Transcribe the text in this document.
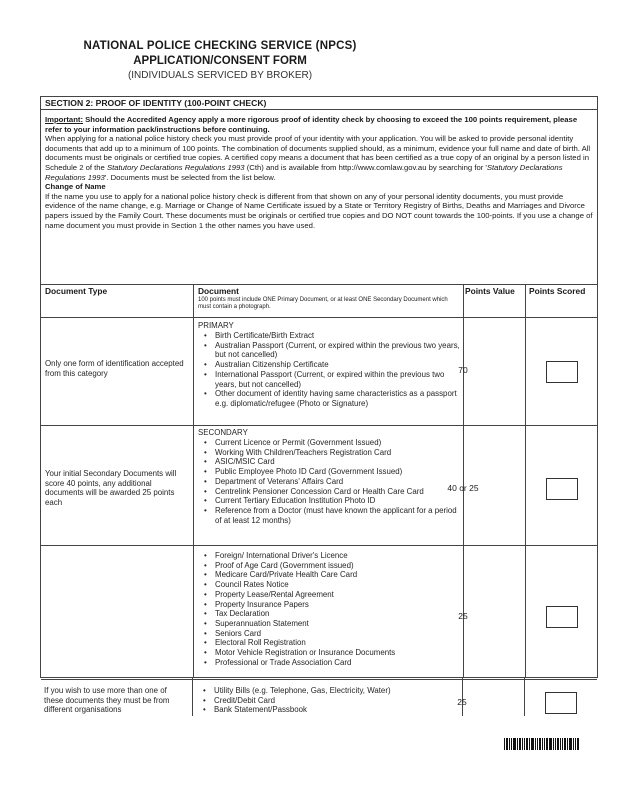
NATIONAL POLICE CHECKING SERVICE (NPCS)
APPLICATION/CONSENT FORM
(INDIVIDUALS SERVICED BY BROKER)
SECTION 2: PROOF OF IDENTITY (100-POINT CHECK)

Important: Should the Accredited Agency apply a more rigorous proof of identity check by choosing to exceed the 100 points requirement, please refer to your information pack/instructions before continuing.

When applying for a national police history check you must provide proof of your identity with your application. You will be asked to provide personal identity documents that add up to a minimum of 100 points. The combination of documents supplied should, as a minimum, evidence your full name and date of birth. All documents must be originals or certified true copies. A certified copy means a document that has been certified as a true copy of an original by a person listed in Schedule 2 of the Statutory Declarations Regulations 1993 (Cth) and is available from http://www.comlaw.gov.au by searching for 'Statutory Declarations Regulations 1993'. Documents must be selected from the list below.

Change of Name

If the name you use to apply for a national police history check is different from that shown on any of your personal identity documents, you must provide evidence of the name change, e.g. Marriage or Change of Name Certificate issued by a State or Territory Registry of Births, Deaths and Marriages and Divorce papers issued by the Family Court. These documents must be originals or certified true copies and DO NOT count towards the 100-points. If you use a change of name document you must provide in Section 1 the other names you have used.

Document Type	Document
100 points must include ONE Primary Document, or at least ONE Secondary Document which must contain a photograph.
Points Value Points Scored
Only one form of identification accepted from this category
PRIMARY
• Birth Certificate/Birth Extract
• Australian Passport (Current, or expired within the previous two years, but not cancelled)
• Australian Citizenship Certificate
• International Passport (Current, or expired within the previous two years, but not cancelled)
• Other document of identity having same characteristics as a passport e.g. diplomatic/refugee (Photo or Signature)
70
Your initial Secondary Documents will score 40 points, any additional documents will be awarded 25 points each
SECONDARY
• Current Licence or Permit (Government Issued)
• Working With Children/Teachers Registration Card
• ASIC/MSIC Card
• Public Employee Photo ID Card (Government Issued)
• Department of Veterans' Affairs Card
• Centrelink Pensioner Concession Card or Health Care Card
• Current Tertiary Education Institution Photo ID
• Reference from a Doctor (must have known the applicant for a period of at least 12 months)
40 or 25
• Foreign/ International Driver's Licence
• Proof of Age Card (Government issued)
• Medicare Card/Private Health Care Card
• Council Rates Notice
• Property Lease/Rental Agreement
• Property Insurance Papers
• Tax Declaration
• Superannuation Statement
• Seniors Card
• Electoral Roll Registration
• Motor Vehicle Registration or Insurance Documents
• Professional or Trade Association Card
25
If you wish to use more than one of these documents they must be from different organisations
• Utility Bills (e.g. Telephone, Gas, Electricity, Water)
• Credit/Debit Card
• Bank Statement/Passbook
25
